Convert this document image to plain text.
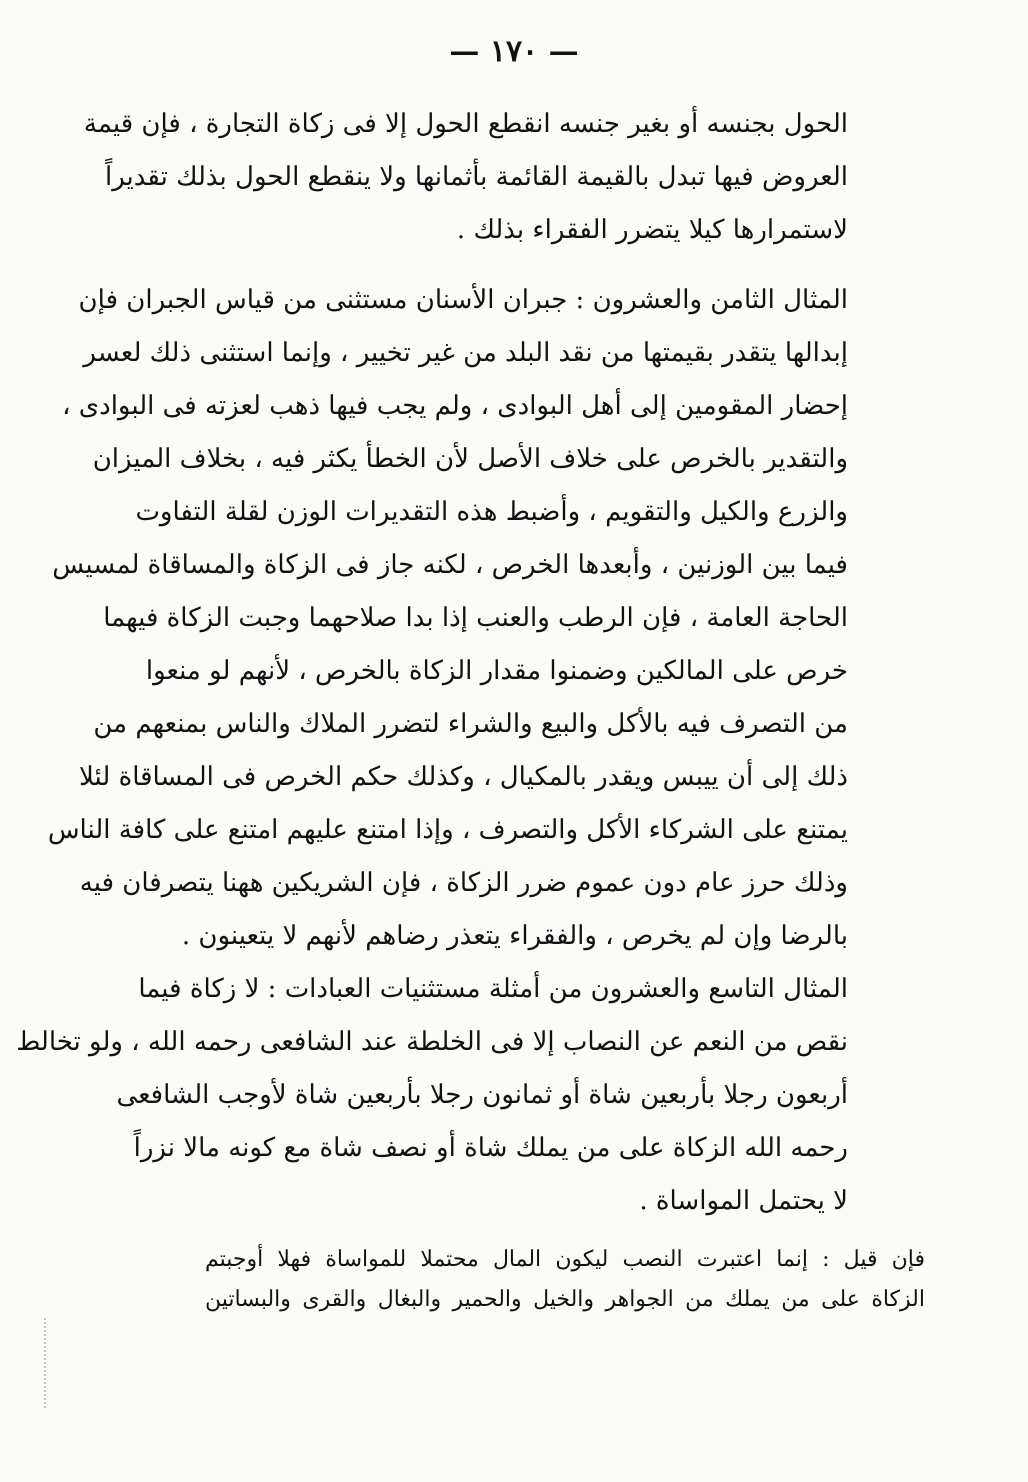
— ١٧٠ —
الحول بجنسه أو بغير جنسه انقطع الحول إلا فى زكاة التجارة ، فإن قيمة
العروض فيها تبدل بالقيمة القائمة بأثمانها ولا ينقطع الحول بذلك تقديراً
لاستمرارها كيلا يتضرر الفقراء بذلك .
المثال الثامن والعشرون : جبران الأسنان مستثنى من قياس الجبران فإن
إبدالها يتقدر بقيمتها من نقد البلد من غير تخيير ، وإنما استثنى ذلك لعسر
إحضار المقومين إلى أهل البوادى ، ولم يجب فيها ذهب لعزته فى البوادى ،
والتقدير بالخرص على خلاف الأصل لأن الخطأ يكثر فيه ، بخلاف الميزان
والزرع والكيل والتقويم ، وأضبط هذه التقديرات الوزن لقلة التفاوت
فيما بين الوزنين ، وأبعدها الخرص ، لكنه جاز فى الزكاة والمساقاة لمسيس
الحاجة العامة ، فإن الرطب والعنب إذا بدا صلاحهما وجبت الزكاة فيهما
خرص على المالكين وضمنوا مقدار الزكاة بالخرص ، لأنهم لو منعوا
من التصرف فيه بالأكل والبيع والشراء لتضرر الملاك والناس بمنعهم من
ذلك إلى أن ييبس ويقدر بالمكيال ، وكذلك حكم الخرص فى المساقاة لئلا
يمتنع على الشركاء الأكل والتصرف ، وإذا امتنع عليهم امتنع على كافة الناس
وذلك حرز عام دون عموم ضرر الزكاة ، فإن الشريكين ههنا يتصرفان فيه
بالرضا وإن لم يخرص ، والفقراء يتعذر رضاهم لأنهم لا يتعينون .
المثال التاسع والعشرون من أمثلة مستثنيات العبادات : لا زكاة فيما
نقص من النعم عن النصاب إلا فى الخلطة عند الشافعى رحمه الله ، ولو تخالط
أربعون رجلا بأربعين شاة أو ثمانون رجلا بأربعين شاة لأوجب الشافعى
رحمه الله الزكاة على من يملك شاة أو نصف شاة مع كونه مالا نزراً
لا يحتمل المواساة .
فإن قيل : إنما اعتبرت النصب ليكون المال محتملا للمواساة فهلا أوجبتم
الزكاة على من يملك من الجواهر والخيل والحمير والبغال والقرى والبساتين
